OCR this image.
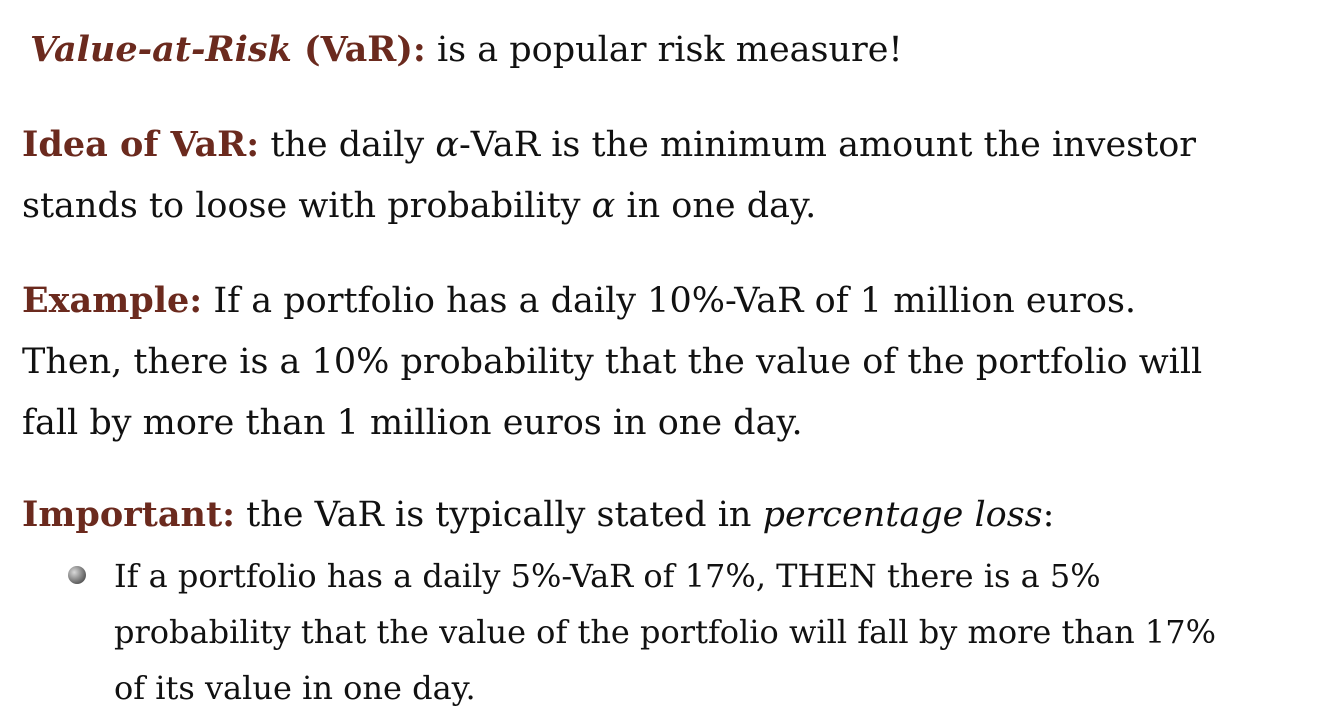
Value-at-Risk (VaR): is a popular risk measure!

Idea of VaR: the daily α-VaR is the minimum amount the investor
stands to loose with probability α in one day.

Example: If a portfolio has a daily 10%-VaR of 1 million euros.
Then, there is a 10% probability that the value of the portfolio will
fall by more than 1 million euros in one day.

Important: the VaR is typically stated in percentage loss:

If a portfolio has a daily 5%-VaR of 17%, THEN there is a 5%
probability that the value of the portfolio will fall by more than 17%
of its value in one day.
